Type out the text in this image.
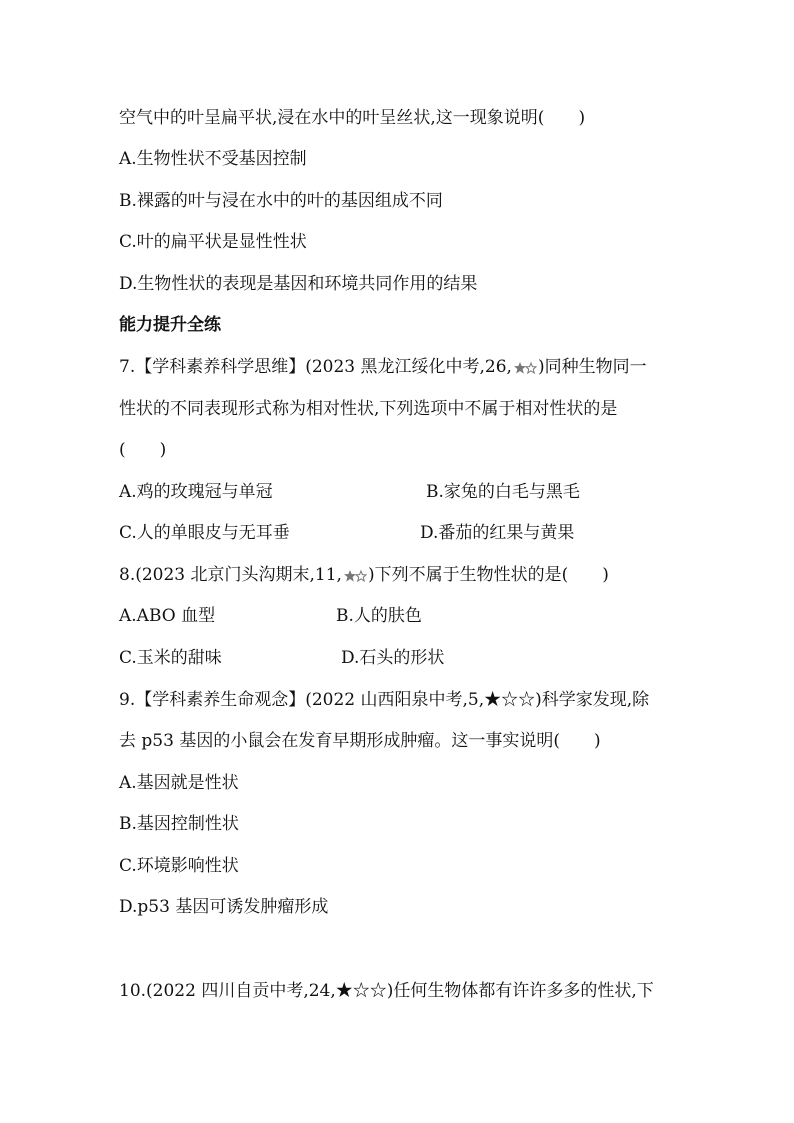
空气中的叶呈扁平状,浸在水中的叶呈丝状,这一现象说明(　　)
A.生物性状不受基因控制
B.裸露的叶与浸在水中的叶的基因组成不同
C.叶的扁平状是显性性状
D.生物性状的表现是基因和环境共同作用的结果
能力提升全练
7.【学科素养科学思维】(2023 黑龙江绥化中考,26, )同种生物同一
性状的不同表现形式称为相对性状,下列选项中不属于相对性状的是
(　　)
A.鸡的玫瑰冠与单冠	B.家兔的白毛与黑毛
C.人的单眼皮与无耳垂	D.番茄的红果与黄果
8.(2023 北京门头沟期末,11, )下列不属于生物性状的是(　　)
A.ABO 血型	B.人的肤色
C.玉米的甜味	D.石头的形状
9.【学科素养生命观念】(2022 山西阳泉中考,5,★☆☆)科学家发现,除
去 p53 基因的小鼠会在发育早期形成肿瘤。这一事实说明(　　)
A.基因就是性状
B.基因控制性状
C.环境影响性状
D.p53 基因可诱发肿瘤形成
10.(2022 四川自贡中考,24,★☆☆)任何生物体都有许许多多的性状,下
